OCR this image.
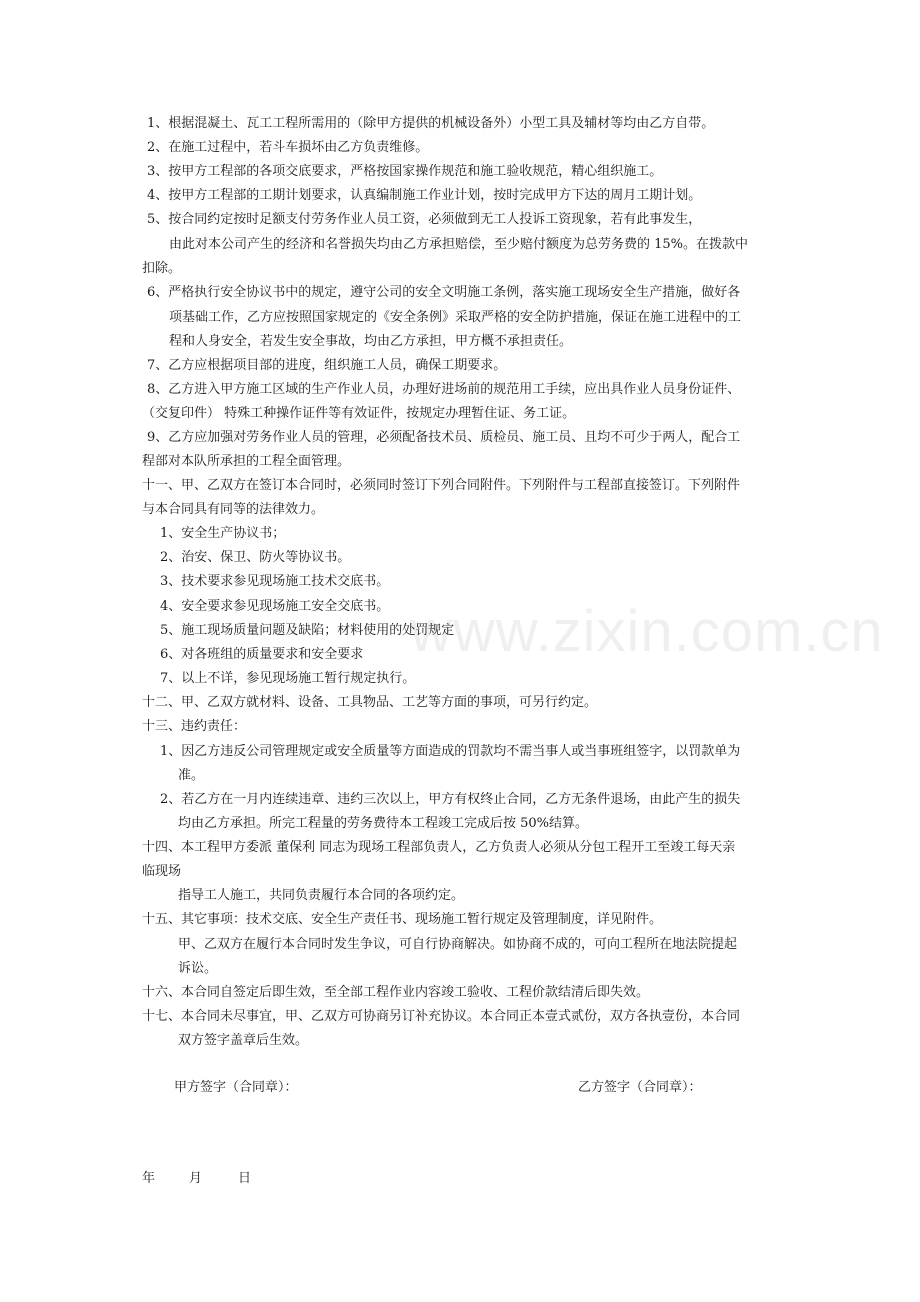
www.zixin.com.cn
1、根据混凝土、瓦工工程所需用的（除甲方提供的机械设备外）小型工具及辅材等均由乙方自带。
2、在施工过程中，若斗车损坏由乙方负责维修。
3、按甲方工程部的各项交底要求，严格按国家操作规范和施工验收规范，精心组织施工。
4、按甲方工程部的工期计划要求，认真编制施工作业计划，按时完成甲方下达的周月工期计划。
5、按合同约定按时足额支付劳务作业人员工资，必须做到无工人投诉工资现象，若有此事发生，
由此对本公司产生的经济和名誉损失均由乙方承担赔偿，至少赔付额度为总劳务费的 15%。在拨款中
扣除。
6、严格执行安全协议书中的规定，遵守公司的安全文明施工条例，落实施工现场安全生产措施，做好各
项基础工作，乙方应按照国家规定的《安全条例》采取严格的安全防护措施，保证在施工进程中的工
程和人身安全，若发生安全事故，均由乙方承担，甲方概不承担责任。
7、乙方应根据项目部的进度，组织施工人员，确保工期要求。
8、乙方进入甲方施工区域的生产作业人员，办理好进场前的规范用工手续，应出具作业人员身份证件、
（交复印件） 特殊工种操作证件等有效证件，按规定办理暂住证、务工证。
9、乙方应加强对劳务作业人员的管理，必须配备技术员、质检员、施工员、且均不可少于两人，配合工
程部对本队所承担的工程全面管理。
十一、甲、乙双方在签订本合同时，必须同时签订下列合同附件。下列附件与工程部直接签订。下列附件
与本合同具有同等的法律效力。
1、安全生产协议书；
2、治安、保卫、防火等协议书。
3、技术要求参见现场施工技术交底书。
4、安全要求参见现场施工安全交底书。
5、施工现场质量问题及缺陷；材料使用的处罚规定
6、对各班组的质量要求和安全要求
7、以上不详，参见现场施工暂行规定执行。
十二、甲、乙双方就材料、设备、工具物品、工艺等方面的事项，可另行约定。
十三、违约责任：
1、因乙方违反公司管理规定或安全质量等方面造成的罚款均不需当事人或当事班组签字，以罚款单为
准。
2、若乙方在一月内连续违章、违约三次以上，甲方有权终止合同，乙方无条件退场，由此产生的损失
均由乙方承担。所完工程量的劳务费待本工程竣工完成后按 50%结算。
十四、本工程甲方委派 董保利 同志为现场工程部负责人，乙方负责人必须从分包工程开工至竣工每天亲
临现场
指导工人施工，共同负责履行本合同的各项约定。
十五、其它事项：技术交底、安全生产责任书、现场施工暂行规定及管理制度，详见附件。
甲、乙双方在履行本合同时发生争议，可自行协商解决。如协商不成的，可向工程所在地法院提起
诉讼。
十六、本合同自签定后即生效，至全部工程作业内容竣工验收、工程价款结清后即失效。
十七、本合同未尽事宜，甲、乙双方可协商另订补充协议。本合同正本壹式贰份，双方各执壹份，本合同
双方签字盖章后生效。
甲方签字（合同章）：	乙方签字（合同章）：
年	月	日
